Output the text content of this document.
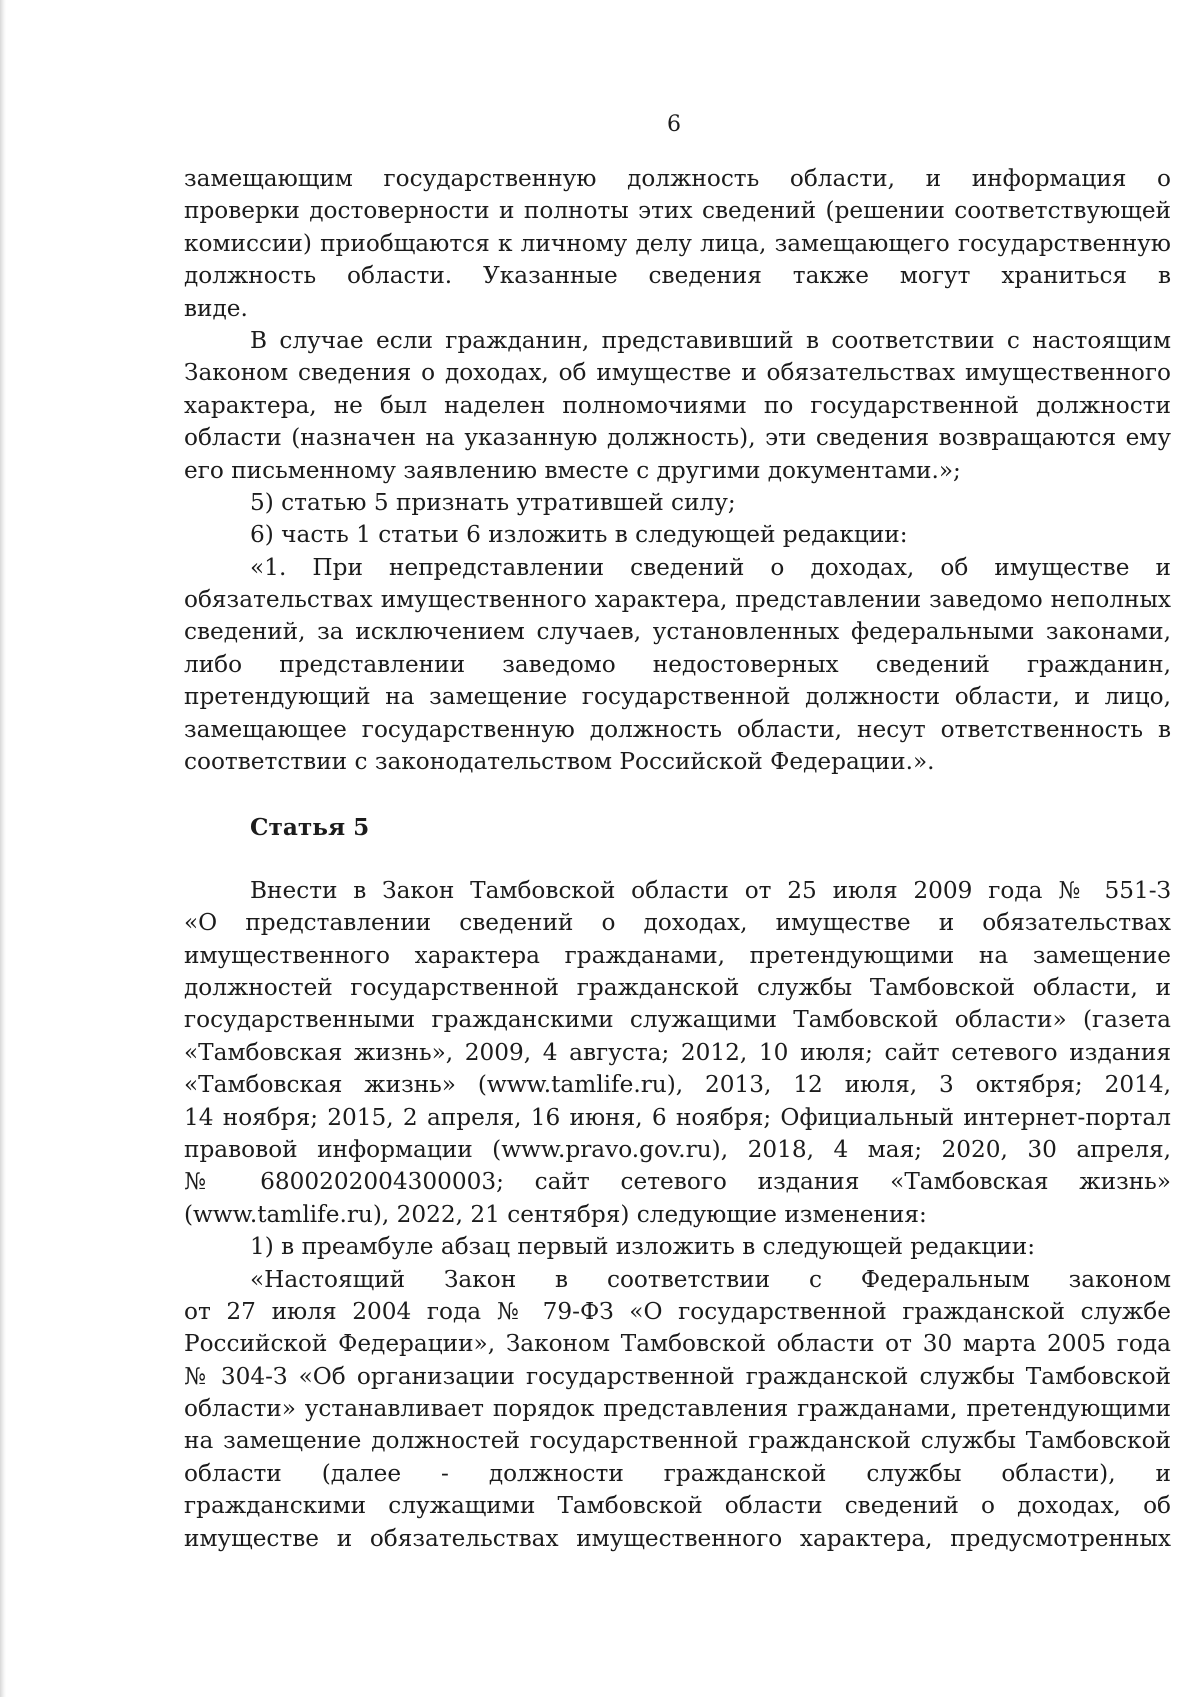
6
замещающим государственную должность области, и информация о
проверки достоверности и полноты этих сведений (решении соответствующей
комиссии) приобщаются к личному делу лица, замещающего государственную
должность области. Указанные сведения также могут храниться в
виде.
В случае если гражданин, представивший в соответствии с настоящим
Законом сведения о доходах, об имуществе и обязательствах имущественного
характера, не был наделен полномочиями по государственной должности
области (назначен на указанную должность), эти сведения возвращаются ему
его письменному заявлению вместе с другими документами.»;
5) статью 5 признать утратившей силу;
6) часть 1 статьи 6 изложить в следующей редакции:
«1. При непредставлении сведений о доходах, об имуществе и
обязательствах имущественного характера, представлении заведомо неполных
сведений, за исключением случаев, установленных федеральными законами,
либо представлении заведомо недостоверных сведений гражданин,
претендующий на замещение государственной должности области, и лицо,
замещающее государственную должность области, несут ответственность в
соответствии с законодательством Российской Федерации.».
Статья 5
Внести в Закон Тамбовской области от 25 июля 2009 года № 551-З
«О представлении сведений о доходах, имуществе и обязательствах
имущественного характера гражданами, претендующими на замещение
должностей государственной гражданской службы Тамбовской области, и
государственными гражданскими служащими Тамбовской области» (газета
«Тамбовская жизнь», 2009, 4 августа; 2012, 10 июля; сайт сетевого издания
«Тамбовская жизнь» (www.tamlife.ru), 2013, 12 июля, 3 октября; 2014,
14 ноября; 2015, 2 апреля, 16 июня, 6 ноября; Официальный интернет-портал
правовой информации (www.pravo.gov.ru), 2018, 4 мая; 2020, 30 апреля,
№ 6800202004300003; сайт сетевого издания «Тамбовская жизнь»
(www.tamlife.ru), 2022, 21 сентября) следующие изменения:
1) в преамбуле абзац первый изложить в следующей редакции:
«Настоящий Закон в соответствии с Федеральным законом
от 27 июля 2004 года № 79-ФЗ «О государственной гражданской службе
Российской Федерации», Законом Тамбовской области от 30 марта 2005 года
№ 304-З «Об организации государственной гражданской службы Тамбовской
области» устанавливает порядок представления гражданами, претендующими
на замещение должностей государственной гражданской службы Тамбовской
области (далее - должности гражданской службы области), и
гражданскими служащими Тамбовской области сведений о доходах, об
имуществе и обязательствах имущественного характера, предусмотренных
